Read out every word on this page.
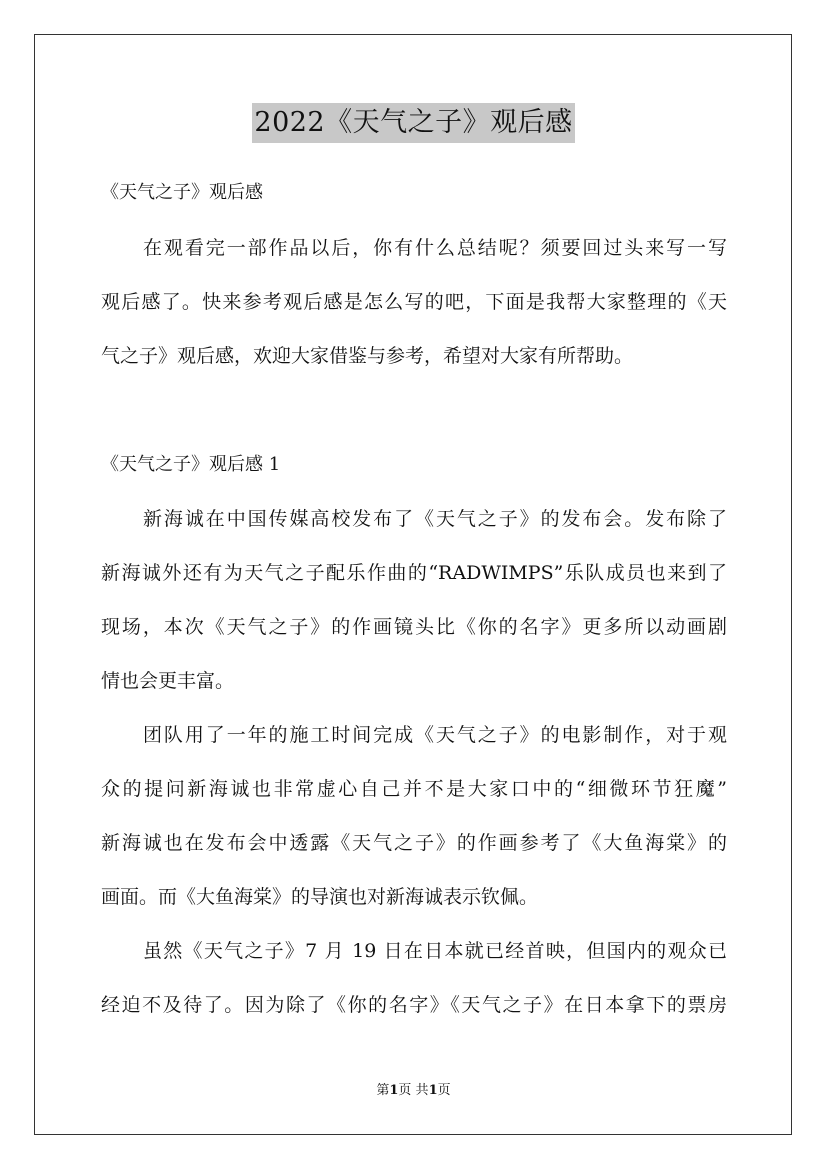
2022《天气之子》观后感
《天气之子》观后感
在观看完一部作品以后，你有什么总结呢？须要回过头来写一写
观后感了。快来参考观后感是怎么写的吧，下面是我帮大家整理的《天
气之子》观后感，欢迎大家借鉴与参考，希望对大家有所帮助。
《天气之子》观后感 1
新海诚在中国传媒高校发布了《天气之子》的发布会。发布除了
新海诚外还有为天气之子配乐作曲的“RADWIMPS”乐队成员也来到了
现场，本次《天气之子》的作画镜头比《你的名字》更多所以动画剧
情也会更丰富。
团队用了一年的施工时间完成《天气之子》的电影制作，对于观
众的提问新海诚也非常虚心自己并不是大家口中的“细微环节狂魔”
新海诚也在发布会中透露《天气之子》的作画参考了《大鱼海棠》的
画面。而《大鱼海棠》的导演也对新海诚表示钦佩。
虽然《天气之子》7 月 19 日在日本就已经首映，但国内的观众已
经迫不及待了。因为除了《你的名字》《天气之子》在日本拿下的票房
第1页 共1页
